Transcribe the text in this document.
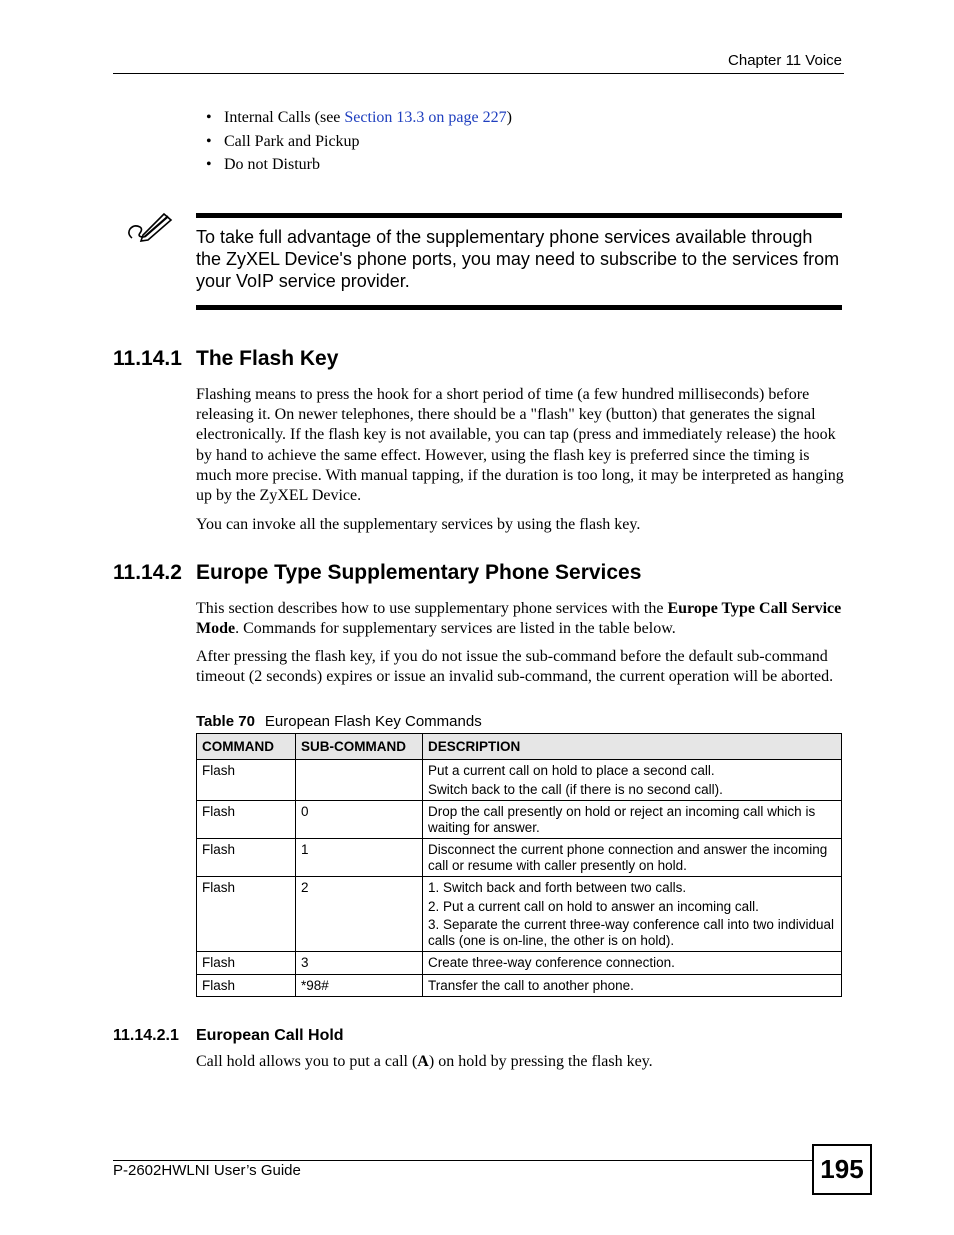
Chapter 11 Voice
• Internal Calls (see Section 13.3 on page 227)
• Call Park and Pickup
• Do not Disturb
To take full advantage of the supplementary phone services available through the ZyXEL Device's phone ports, you may need to subscribe to the services from your VoIP service provider.
11.14.1 The Flash Key

Flashing means to press the hook for a short period of time (a few hundred milliseconds) before releasing it. On newer telephones, there should be a "flash" key (button) that generates the signal electronically. If the flash key is not available, you can tap (press and immediately release) the hook by hand to achieve the same effect. However, using the flash key is preferred since the timing is much more precise. With manual tapping, if the duration is too long, it may be interpreted as hanging up by the ZyXEL Device.

You can invoke all the supplementary services by using the flash key.

11.14.2 Europe Type Supplementary Phone Services

This section describes how to use supplementary phone services with the Europe Type Call Service Mode. Commands for supplementary services are listed in the table below.

After pressing the flash key, if you do not issue the sub-command before the default sub-command timeout (2 seconds) expires or issue an invalid sub-command, the current operation will be aborted.

Table 70 European Flash Key Commands
COMMAND	SUB-COMMAND	DESCRIPTION
Flash		Put a current call on hold to place a second call.
Switch back to the call (if there is no second call).

Flash	0	Drop the call presently on hold or reject an incoming call which is waiting for answer.

Flash	1	Disconnect the current phone connection and answer the incoming call or resume with caller presently on hold.

Flash	2	1. Switch back and forth between two calls.
2. Put a current call on hold to answer an incoming call.
3. Separate the current three-way conference call into two individual calls (one is on-line, the other is on hold).

Flash	3	Create three-way conference connection.

Flash	*98#	Transfer the call to another phone.
11.14.2.1 European Call Hold

Call hold allows you to put a call (A) on hold by pressing the flash key.

P-2602HWLNI User’s Guide	195
